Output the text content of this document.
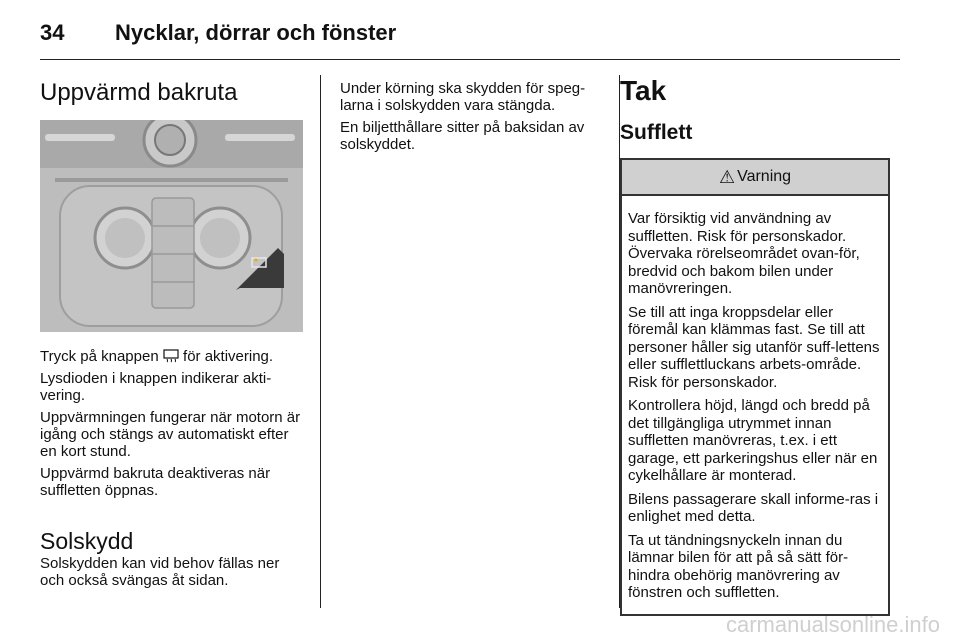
34 Nycklar, dörrar och fönster
Uppvärmd bakruta

Tryck på knappen för aktivering.

Lysdioden i knappen indikerar akti-vering.

Uppvärmningen fungerar när motorn är igång och stängs av automatiskt efter en kort stund.

Uppvärmd bakruta deaktiveras när suffletten öppnas.

Solskydd

Solskydden kan vid behov fällas ner och också svängas åt sidan.

Under körning ska skydden för speg-larna i solskydden vara stängda.

En biljetthållare sitter på baksidan av solskyddet.

Tak
Sufflett
⚠ Varning

Var försiktig vid användning av suffletten. Risk för personskador. Övervaka rörelseområdet ovan-för, bredvid och bakom bilen under manövreringen.

Se till att inga kroppsdelar eller föremål kan klämmas fast. Se till att personer håller sig utanför suff-lettens eller sufflettluckans arbets-område. Risk för personskador.

Kontrollera höjd, längd och bredd på det tillgängliga utrymmet innan suffletten manövreras, t.ex. i ett garage, ett parkeringshus eller när en cykelhållare är monterad.

Bilens passagerare skall informe-ras i enlighet med detta.

Ta ut tändningsnyckeln innan du lämnar bilen för att på så sätt för-hindra obehörig manövrering av fönstren och suffletten.

carmanualsonline.info
